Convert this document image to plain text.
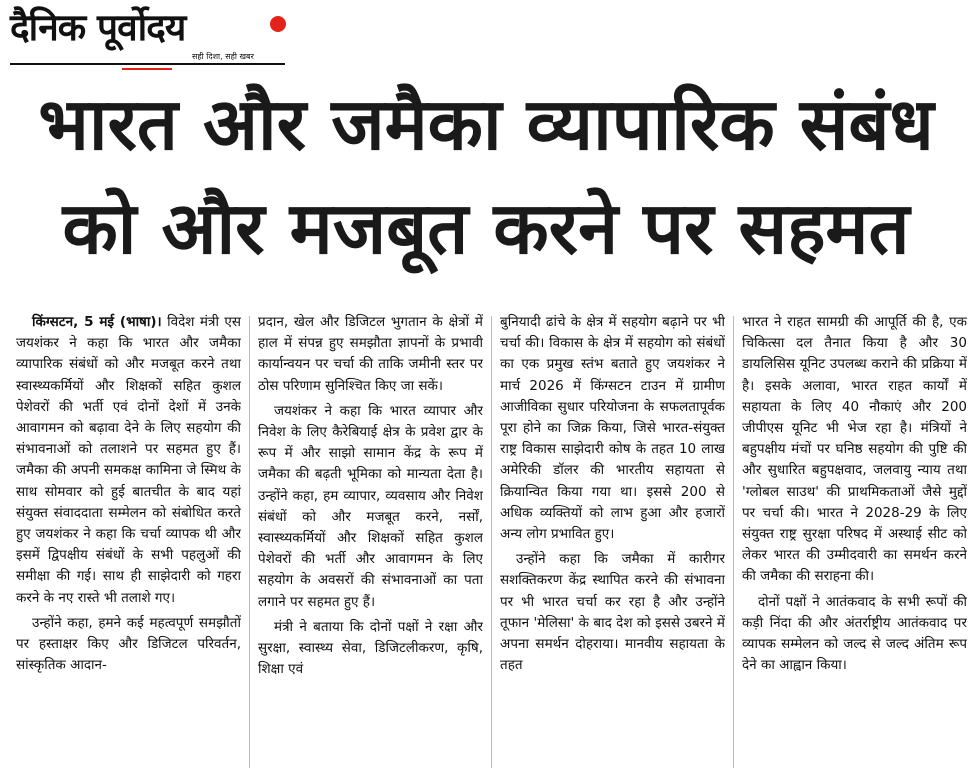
दैनिक पूर्वोदय
सही दिशा, सही खबर
भारत और जमैका व्यापारिक संबंध
को और मजबूत करने पर सहमत

किंग्सटन, 5 मई (भाषा)। विदेश मंत्री एस जयशंकर ने कहा कि भारत और जमैका व्यापारिक संबंधों को और मजबूत करने तथा स्वास्थ्यकर्मियों और शिक्षकों सहित कुशल पेशेवरों की भर्ती एवं दोनों देशों में उनके आवागमन को बढ़ावा देने के लिए सहयोग की संभावनाओं को तलाशने पर सहमत हुए हैं। जमैका की अपनी समकक्ष कामिना जे स्मिथ के साथ सोमवार को हुई बातचीत के बाद यहां संयुक्त संवाददाता सम्मेलन को संबोधित करते हुए जयशंकर ने कहा कि चर्चा व्यापक थी और इसमें द्विपक्षीय संबंधों के सभी पहलुओं की समीक्षा की गई। साथ ही साझेदारी को गहरा करने के नए रास्ते भी तलाशे गए।

उन्होंने कहा, हमने कई महत्वपूर्ण समझौतों पर हस्ताक्षर किए और डिजिटल परिवर्तन, सांस्कृतिक आदान-

प्रदान, खेल और डिजिटल भुगतान के क्षेत्रों में हाल में संपन्न हुए समझौता ज्ञापनों के प्रभावी कार्यान्वयन पर चर्चा की ताकि जमीनी स्तर पर ठोस परिणाम सुनिश्चित किए जा सकें।

जयशंकर ने कहा कि भारत व्यापार और निवेश के लिए कैरेबियाई क्षेत्र के प्रवेश द्वार के रूप में और साझो सामान केंद्र के रूप में जमैका की बढ़ती भूमिका को मान्यता देता है। उन्होंने कहा, हम व्यापार, व्यवसाय और निवेश संबंधों को और मजबूत करने, नर्सों, स्वास्थ्यकर्मियों और शिक्षकों सहित कुशल पेशेवरों की भर्ती और आवागमन के लिए सहयोग के अवसरों की संभावनाओं का पता लगाने पर सहमत हुए हैं।

मंत्री ने बताया कि दोनों पक्षों ने रक्षा और सुरक्षा, स्वास्थ्य सेवा, डिजिटलीकरण, कृषि, शिक्षा एवं

बुनियादी ढांचे के क्षेत्र में सहयोग बढ़ाने पर भी चर्चा की। विकास के क्षेत्र में सहयोग को संबंधों का एक प्रमुख स्तंभ बताते हुए जयशंकर ने मार्च 2026 में किंग्सटन टाउन में ग्रामीण आजीविका सुधार परियोजना के सफलतापूर्वक पूरा होने का जिक्र किया, जिसे भारत-संयुक्त राष्ट्र विकास साझेदारी कोष के तहत 10 लाख अमेरिकी डॉलर की भारतीय सहायता से क्रियान्वित किया गया था। इससे 200 से अधिक व्यक्तियों को लाभ हुआ और हजारों अन्य लोग प्रभावित हुए।

उन्होंने कहा कि जमैका में कारीगर सशक्तिकरण केंद्र स्थापित करने की संभावना पर भी भारत चर्चा कर रहा है और उन्होंने तूफान 'मेलिसा' के बाद देश को इससे उबरने में अपना समर्थन दोहराया। मानवीय सहायता के तहत

भारत ने राहत सामग्री की आपूर्ति की है, एक चिकित्सा दल तैनात किया है और 30 डायलिसिस यूनिट उपलब्ध कराने की प्रक्रिया में है। इसके अलावा, भारत राहत कार्यों में सहायता के लिए 40 नौकाएं और 200 जीपीएस यूनिट भी भेज रहा है। मंत्रियों ने बहुपक्षीय मंचों पर घनिष्ठ सहयोग की पुष्टि की और सुधारित बहुपक्षवाद, जलवायु न्याय तथा 'ग्लोबल साउथ' की प्राथमिकताओं जैसे मुद्दों पर चर्चा की। भारत ने 2028-29 के लिए संयुक्त राष्ट्र सुरक्षा परिषद में अस्थाई सीट को लेकर भारत की उम्मीदवारी का समर्थन करने की जमैका की सराहना की।

दोनों पक्षों ने आतंकवाद के सभी रूपों की कड़ी निंदा की और अंतर्राष्ट्रीय आतंकवाद पर व्यापक सम्मेलन को जल्द से जल्द अंतिम रूप देने का आह्वान किया।
